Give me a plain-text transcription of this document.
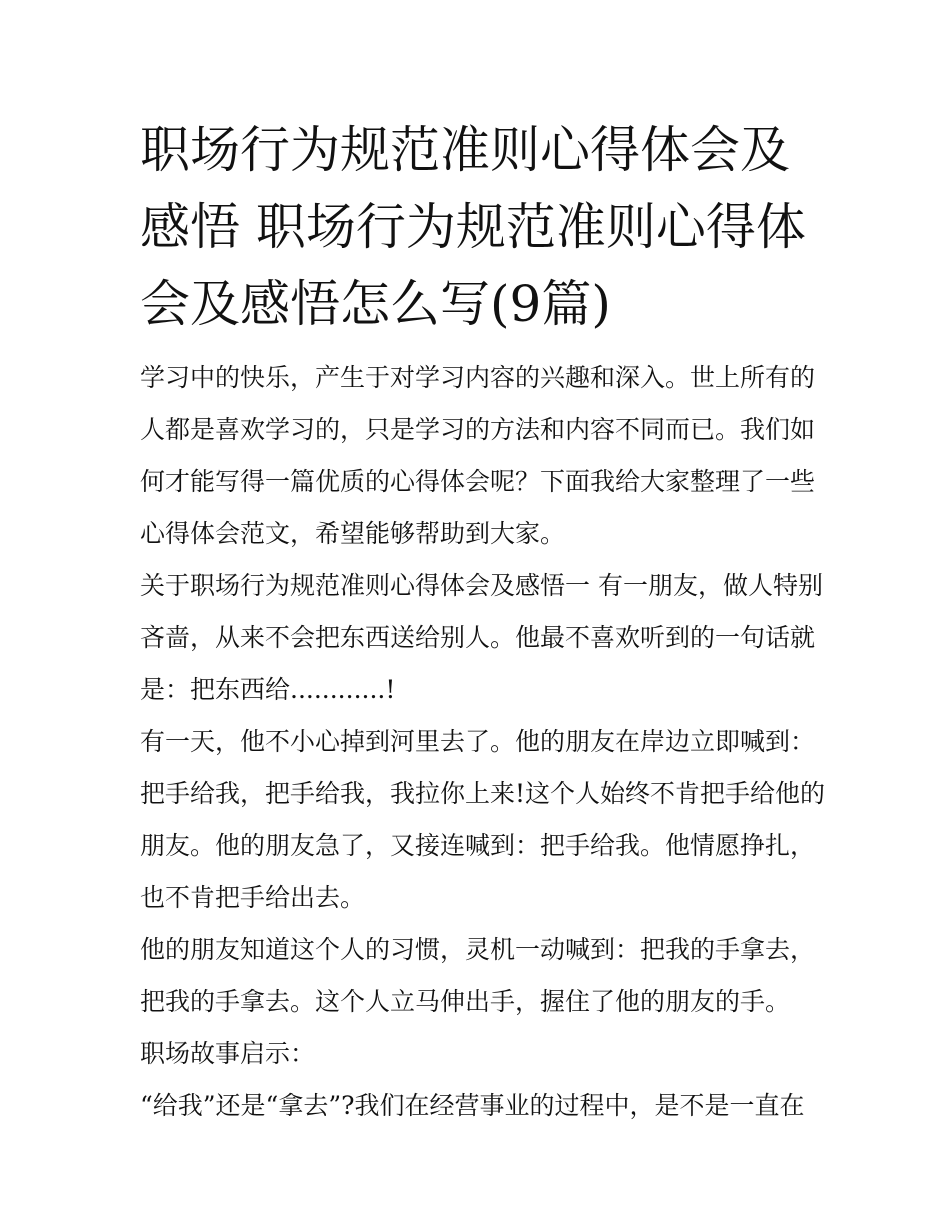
职场行为规范准则心得体会及感悟 职场行为规范准则心得体会及感悟怎么写(9篇)

学习中的快乐，产生于对学习内容的兴趣和深入。世上所有的人都是喜欢学习的，只是学习的方法和内容不同而已。我们如何才能写得一篇优质的心得体会呢？下面我给大家整理了一些心得体会范文，希望能够帮助到大家。

关于职场行为规范准则心得体会及感悟一 有一朋友，做人特别吝啬，从来不会把东西送给别人。他最不喜欢听到的一句话就是：把东西给............!

有一天，他不小心掉到河里去了。他的朋友在岸边立即喊到：把手给我，把手给我，我拉你上来!这个人始终不肯把手给他的朋友。他的朋友急了，又接连喊到：把手给我。他情愿挣扎，也不肯把手给出去。

他的朋友知道这个人的习惯，灵机一动喊到：把我的手拿去，把我的手拿去。这个人立马伸出手，握住了他的朋友的手。

职场故事启示：

“给我”还是“拿去”?我们在经营事业的过程中，是不是一直在
